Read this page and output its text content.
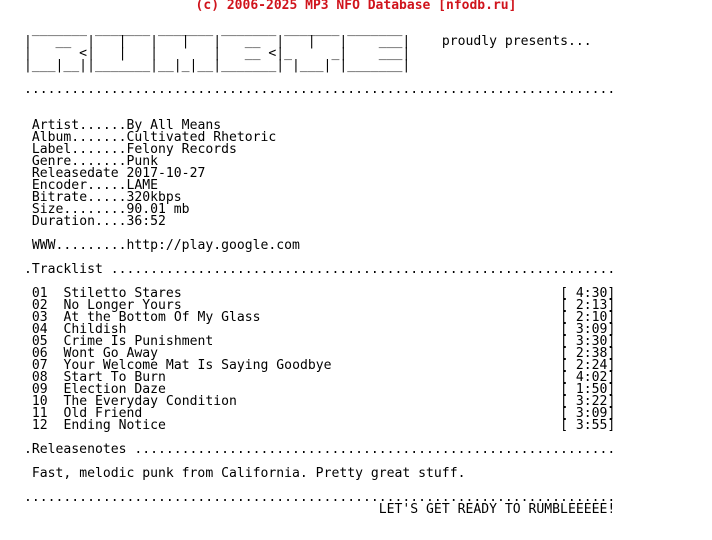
(c) 2006-2025 MP3 NFO Database [nfodb.ru]

_______ _______ _______ _______ _______ _______
|   __  |   |   |   |   |   __  |   |   |    ___| proudly presents...
|      <|   |   |       |   __ <|_     _|    ___|
|___|__||_______|__|_|__|_______| |___| |_______|

...........................................................................

Artist......By All Means
Album.......Cultivated Rhetoric
Label.......Felony Records
Genre.......Punk
Releasedate 2017-10-27
Encoder.....LAME
Bitrate.....320kbps
Size........90.01 mb
Duration....36:52

WWW.........http://play.google.com

.Tracklist ................................................................

01 Stiletto Stares	[ 4:30]
02 No Longer Yours	[ 2:13]
03 At the Bottom Of My Glass	[ 2:10]
04 Childish	[ 3:09]
05 Crime Is Punishment	[ 3:30]
06 Wont Go Away	[ 2:38]
07 Your Welcome Mat Is Saying Goodbye	[ 2:24]
08 Start To Burn	[ 4:02]
09 Election Daze	[ 1:50]
10 The Everyday Condition	[ 3:22]
11 Old Friend	[ 3:09]
12 Ending Notice	[ 3:55]

.Releasenotes .............................................................

Fast, melodic punk from California. Pretty great stuff.

...........................................................................
LET'S GET READY TO RUMBLEEEEE!
